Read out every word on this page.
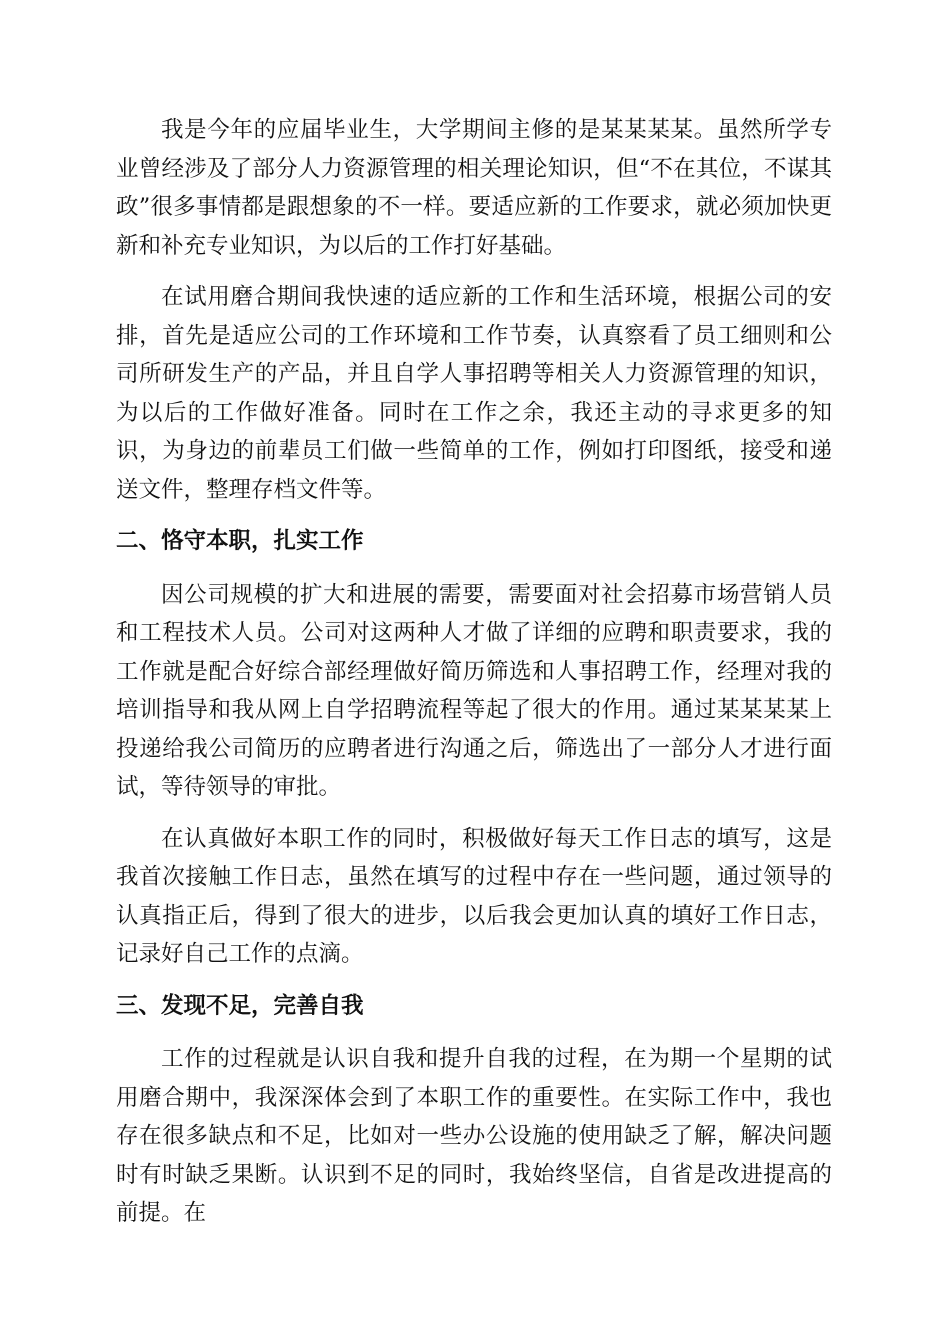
我是今年的应届毕业生，大学期间主修的是某某某某。虽然所学专业曾经涉及了部分人力资源管理的相关理论知识，但“不在其位，不谋其政”很多事情都是跟想象的不一样。要适应新的工作要求，就必须加快更新和补充专业知识，为以后的工作打好基础。

在试用磨合期间我快速的适应新的工作和生活环境，根据公司的安排，首先是适应公司的工作环境和工作节奏，认真察看了员工细则和公司所研发生产的产品，并且自学人事招聘等相关人力资源管理的知识，为以后的工作做好准备。同时在工作之余，我还主动的寻求更多的知识，为身边的前辈员工们做一些简单的工作，例如打印图纸，接受和递送文件，整理存档文件等。

二、恪守本职，扎实工作

因公司规模的扩大和进展的需要，需要面对社会招募市场营销人员和工程技术人员。公司对这两种人才做了详细的应聘和职责要求，我的工作就是配合好综合部经理做好简历筛选和人事招聘工作，经理对我的培训指导和我从网上自学招聘流程等起了很大的作用。通过某某某某上投递给我公司简历的应聘者进行沟通之后，筛选出了一部分人才进行面试，等待领导的审批。

在认真做好本职工作的同时，积极做好每天工作日志的填写，这是我首次接触工作日志，虽然在填写的过程中存在一些问题，通过领导的认真指正后，得到了很大的进步，以后我会更加认真的填好工作日志，记录好自己工作的点滴。

三、发现不足，完善自我

工作的过程就是认识自我和提升自我的过程，在为期一个星期的试用磨合期中，我深深体会到了本职工作的重要性。在实际工作中，我也存在很多缺点和不足，比如对一些办公设施的使用缺乏了解，解决问题时有时缺乏果断。认识到不足的同时，我始终坚信，自省是改进提高的前提。在
